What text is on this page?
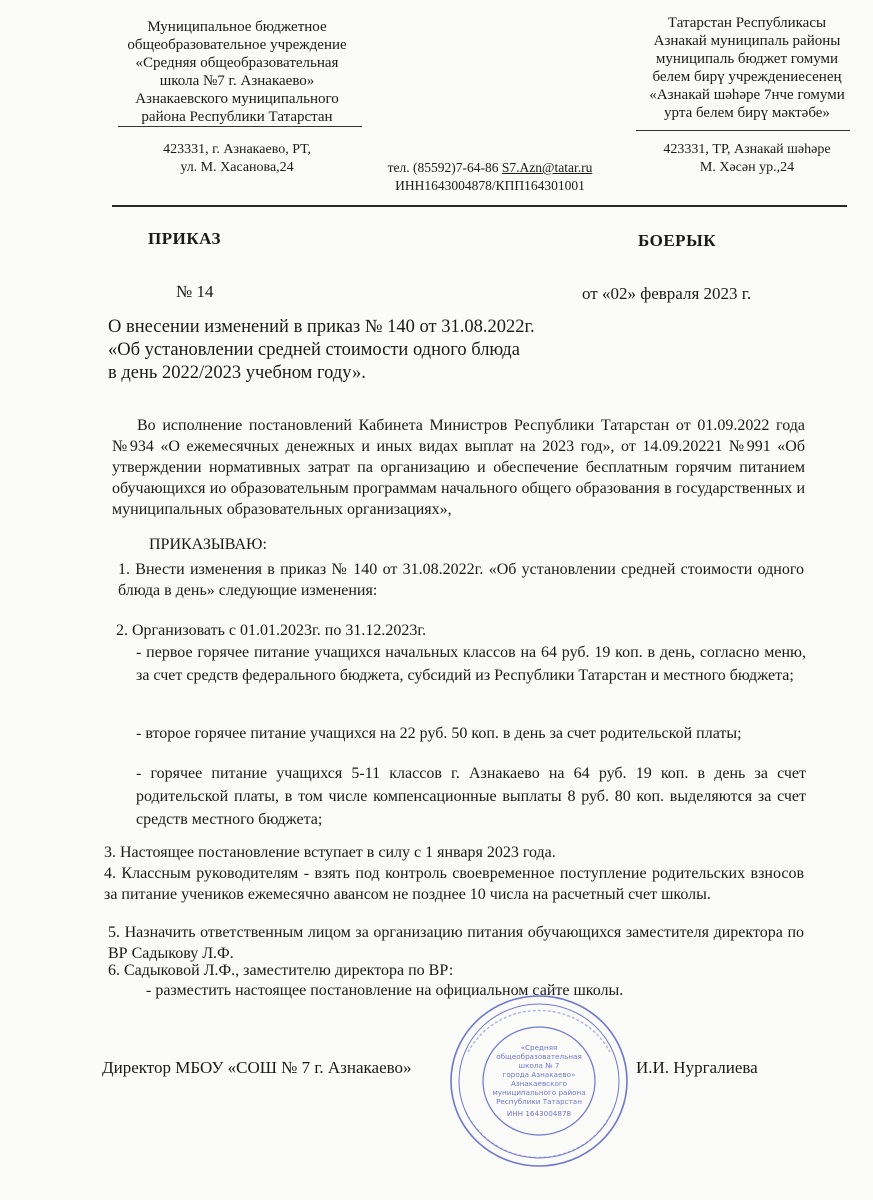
Муниципальное бюджетное
общеобразовательное учреждение
«Средняя общеобразовательная
школа №7 г. Азнакаево»
Азнакаевского муниципального
района Республики Татарстан
Татарстан Республикасы
Азнакай муниципаль районы
муниципаль бюджет гомуми
белем бирү учреждениесенең
«Азнакай шәһәре 7нче гомуми
урта белем бирү мәктәбе»
423331, г. Азнакаево, РТ,
ул. М. Хасанова,24	тел. (85592)7-64-86 S7.Azn@tatar.ru
ИНН1643004878/КПП164301001
423331, ТР, Азнакай шәһәре
М. Хәсән ур.,24
ПРИКАЗ	БОЕРЫК
№ 14	от «02» февраля 2023 г.
О внесении изменений в приказ № 140 от 31.08.2022г.
«Об установлении средней стоимости одного блюда
в день 2022/2023 учебном году».
Во исполнение постановлений Кабинета Министров Республики Татарстан от 01.09.2022 года №934 «О ежемесячных денежных и иных видах выплат на 2023 год», от 14.09.20221 №991 «Об утверждении нормативных затрат па организацию и обеспечение бесплатным горячим питанием обучающихся ио образовательным программам начального общего образования в государственных и муниципальных образовательных организациях»,
ПРИКАЗЫВАЮ:
1. Внести изменения в приказ № 140 от 31.08.2022г. «Об установлении средней стоимости одного блюда в день» следующие изменения:
2. Организовать с 01.01.2023г. по 31.12.2023г.
- первое горячее питание учащихся начальных классов на 64 руб. 19 коп. в день, согласно меню, за счет средств федерального бюджета, субсидий из Республики Татарстан и местного бюджета;
- второе горячее питание учащихся на 22 руб. 50 коп. в день за счет родительской платы;
- горячее питание учащихся 5-11 классов г. Азнакаево на 64 руб. 19 коп. в день за счет родительской платы, в том числе компенсационные выплаты 8 руб. 80 коп. выделяются за счет средств местного бюджета;
3. Настоящее постановление вступает в силу с 1 января 2023 года.
4. Классным руководителям - взять под контроль своевременное поступление родительских взносов за питание учеников ежемесячно авансом не позднее 10 числа на расчетный счет школы.
5. Назначить ответственным лицом за организацию питания обучающихся заместителя директора по ВР Садыкову Л.Ф.
6. Садыковой Л.Ф., заместителю директора по ВР:
- разместить настоящее постановление на официальном сайте школы.
«Средняя
общеобразовательная
школа № 7
города Азнакаево»
Азнакаевского
муниципального района
Республики Татарстан
ИНН 1643004878
Директор МБОУ «СОШ № 7 г. Азнакаево»	И.И. Нургалиева
